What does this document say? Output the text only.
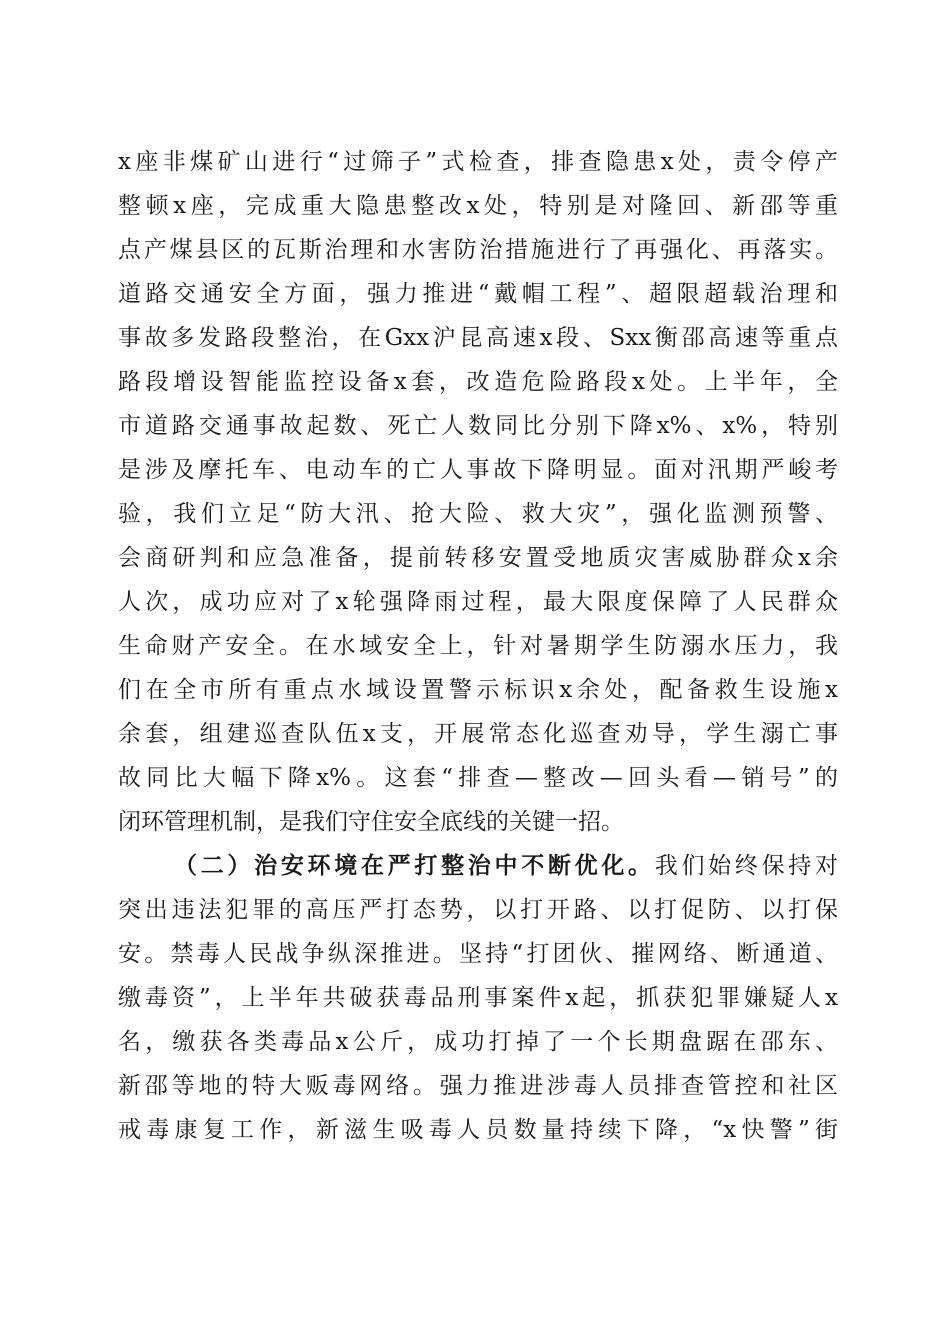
x座非煤矿山进行“过筛子”式检查，排查隐患x处，责令停产
整顿x座，完成重大隐患整改x处，特别是对隆回、新邵等重
点产煤县区的瓦斯治理和水害防治措施进行了再强化、再落实。
道路交通安全方面，强力推进“戴帽工程”、超限超载治理和
事故多发路段整治，在Gxx沪昆高速x段、Sxx衡邵高速等重点
路段增设智能监控设备x套，改造危险路段x处。上半年，全
市道路交通事故起数、死亡人数同比分别下降x%、x%，特别
是涉及摩托车、电动车的亡人事故下降明显。面对汛期严峻考
验，我们立足“防大汛、抢大险、救大灾”，强化监测预警、
会商研判和应急准备，提前转移安置受地质灾害威胁群众x余
人次，成功应对了x轮强降雨过程，最大限度保障了人民群众
生命财产安全。在水域安全上，针对暑期学生防溺水压力，我
们在全市所有重点水域设置警示标识x余处，配备救生设施x
余套，组建巡查队伍x支，开展常态化巡查劝导，学生溺亡事
故同比大幅下降x%。这套“排查—整改—回头看—销号”的
闭环管理机制，是我们守住安全底线的关键一招。
（二）治安环境在严打整治中不断优化。我们始终保持对
突出违法犯罪的高压严打态势，以打开路、以打促防、以打保
安。禁毒人民战争纵深推进。坚持“打团伙、摧网络、断通道、
缴毒资”，上半年共破获毒品刑事案件x起，抓获犯罪嫌疑人x
名，缴获各类毒品x公斤，成功打掉了一个长期盘踞在邵东、
新邵等地的特大贩毒网络。强力推进涉毒人员排查管控和社区
戒毒康复工作，新滋生吸毒人员数量持续下降，“x快警”街
